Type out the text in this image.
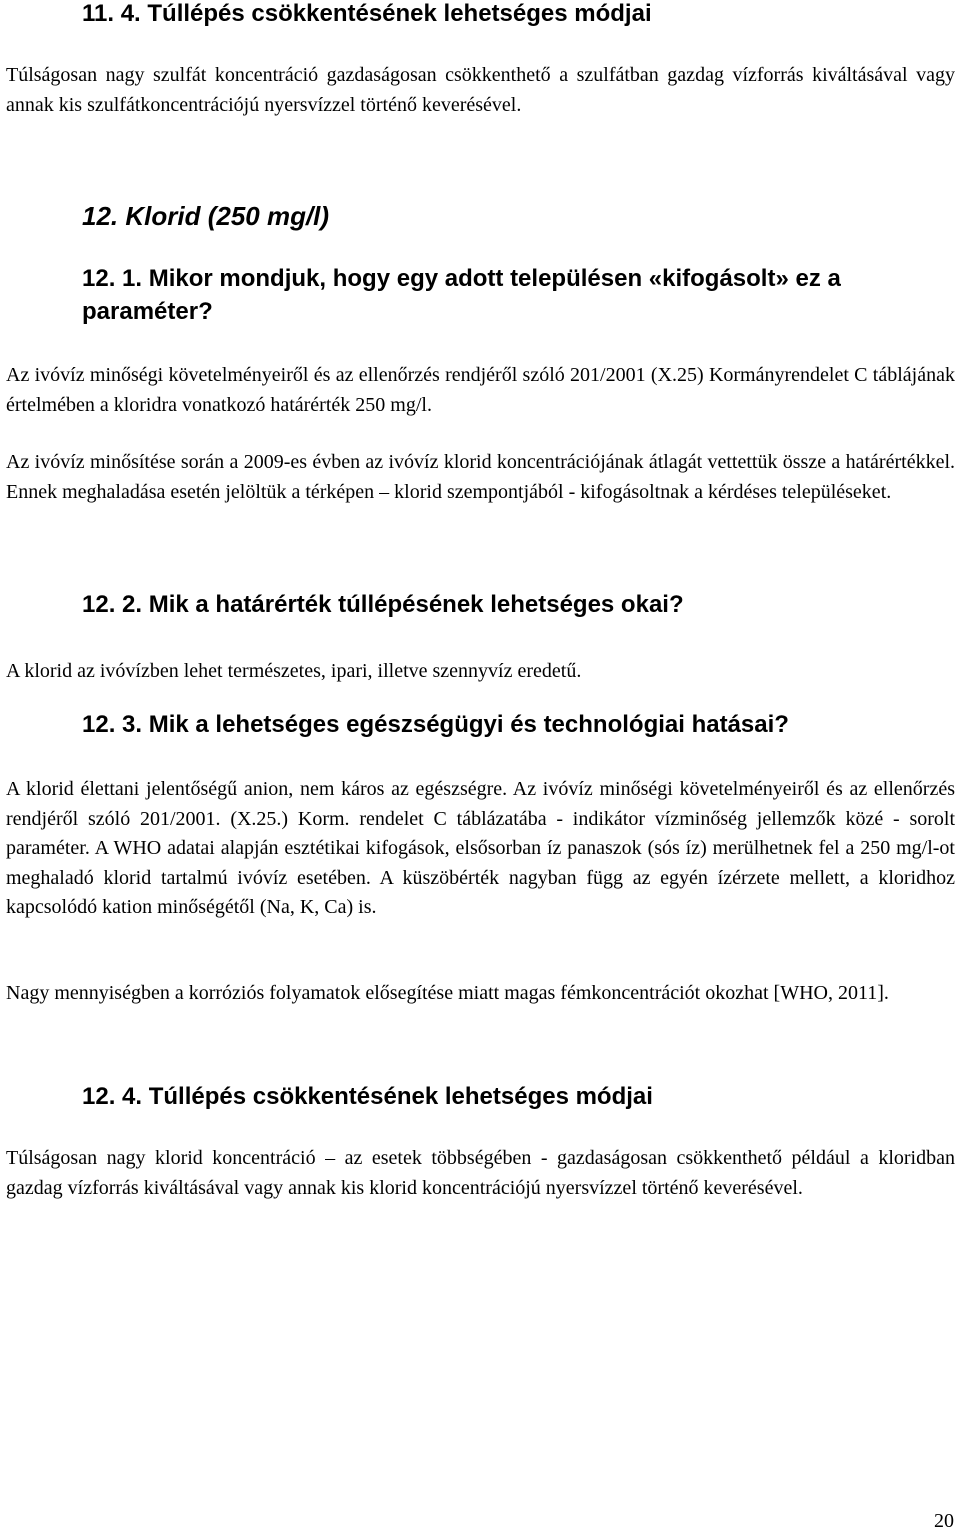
11. 4. Túllépés csökkentésének lehetséges módjai

Túlságosan nagy szulfát koncentráció gazdaságosan csökkenthető a szulfátban gazdag vízforrás kiváltásával vagy annak kis szulfátkoncentrációjú nyersvízzel történő keverésével.

12. Klorid (250 mg/l)
12. 1. Mikor mondjuk, hogy egy adott településen «kifogásolt» ez a paraméter?

Az ivóvíz minőségi követelményeiről és az ellenőrzés rendjéről szóló 201/2001 (X.25) Kormányrendelet C táblájának értelmében a kloridra vonatkozó határérték 250 mg/l.

Az ivóvíz minősítése során a 2009-es évben az ivóvíz klorid koncentrációjának átlagát vettettük össze a határértékkel. Ennek meghaladása esetén jelöltük a térképen – klorid szempontjából - kifogásoltnak a kérdéses településeket.

12. 2. Mik a határérték túllépésének lehetséges okai?

A klorid az ivóvízben lehet természetes, ipari, illetve szennyvíz eredetű.

12. 3. Mik a lehetséges egészségügyi és technológiai hatásai?

A klorid élettani jelentőségű anion, nem káros az egészségre. Az ivóvíz minőségi követelményeiről és az ellenőrzés rendjéről szóló 201/2001. (X.25.) Korm. rendelet C táblázatába - indikátor vízminőség jellemzők közé - sorolt paraméter. A WHO adatai alapján esztétikai kifogások, elsősorban íz panaszok (sós íz) merülhetnek fel a 250 mg/l-ot meghaladó klorid tartalmú ivóvíz esetében. A küszöbérték nagyban függ az egyén ízérzete mellett, a kloridhoz kapcsolódó kation minőségétől (Na, K, Ca) is.

Nagy mennyiségben a korróziós folyamatok elősegítése miatt magas fémkoncentrációt okozhat [WHO, 2011].

12. 4. Túllépés csökkentésének lehetséges módjai

Túlságosan nagy klorid koncentráció – az esetek többségében - gazdaságosan csökkenthető például a kloridban gazdag vízforrás kiváltásával vagy annak kis klorid koncentrációjú nyersvízzel történő keverésével.

20
